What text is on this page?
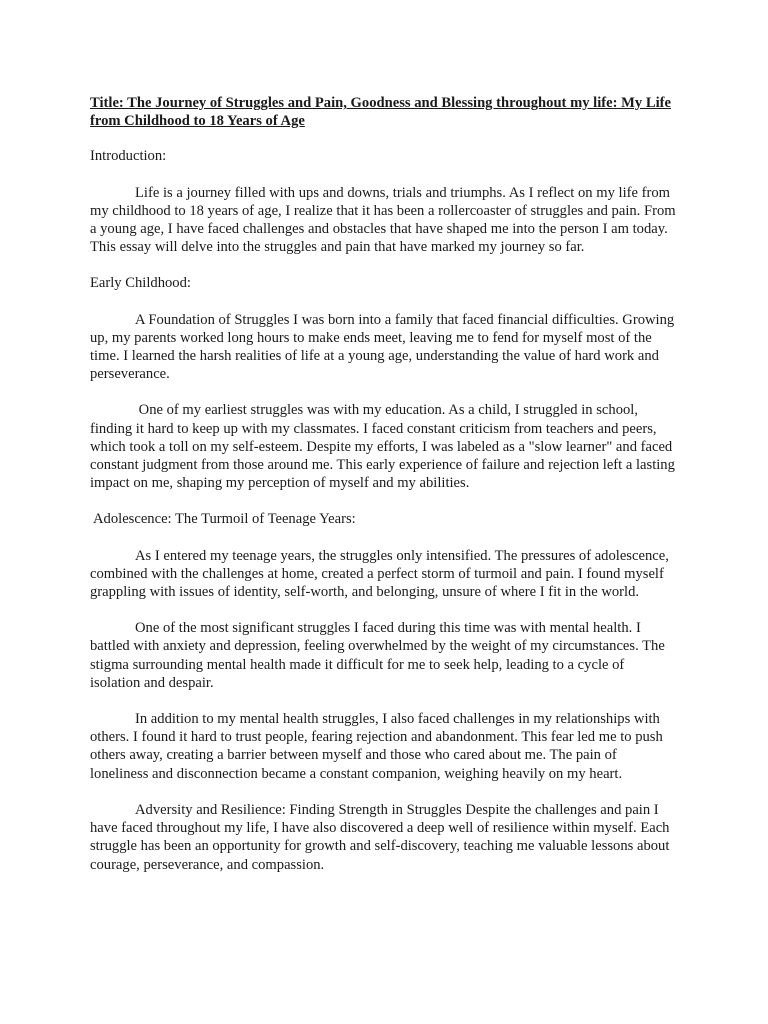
Title: The Journey of Struggles and Pain, Goodness and Blessing throughout my life: My Life from Childhood to 18 Years of Age

Introduction:

Life is a journey filled with ups and downs, trials and triumphs. As I reflect on my life from my childhood to 18 years of age, I realize that it has been a rollercoaster of struggles and pain. From a young age, I have faced challenges and obstacles that have shaped me into the person I am today. This essay will delve into the struggles and pain that have marked my journey so far.

Early Childhood:

A Foundation of Struggles I was born into a family that faced financial difficulties. Growing up, my parents worked long hours to make ends meet, leaving me to fend for myself most of the time. I learned the harsh realities of life at a young age, understanding the value of hard work and perseverance.

One of my earliest struggles was with my education. As a child, I struggled in school, finding it hard to keep up with my classmates. I faced constant criticism from teachers and peers, which took a toll on my self-esteem. Despite my efforts, I was labeled as a "slow learner" and faced constant judgment from those around me. This early experience of failure and rejection left a lasting impact on me, shaping my perception of myself and my abilities.

Adolescence: The Turmoil of Teenage Years:

As I entered my teenage years, the struggles only intensified. The pressures of adolescence, combined with the challenges at home, created a perfect storm of turmoil and pain. I found myself grappling with issues of identity, self-worth, and belonging, unsure of where I fit in the world.

One of the most significant struggles I faced during this time was with mental health. I battled with anxiety and depression, feeling overwhelmed by the weight of my circumstances. The stigma surrounding mental health made it difficult for me to seek help, leading to a cycle of isolation and despair.

In addition to my mental health struggles, I also faced challenges in my relationships with others. I found it hard to trust people, fearing rejection and abandonment. This fear led me to push others away, creating a barrier between myself and those who cared about me. The pain of loneliness and disconnection became a constant companion, weighing heavily on my heart.

Adversity and Resilience: Finding Strength in Struggles Despite the challenges and pain I have faced throughout my life, I have also discovered a deep well of resilience within myself. Each struggle has been an opportunity for growth and self-discovery, teaching me valuable lessons about courage, perseverance, and compassion.
